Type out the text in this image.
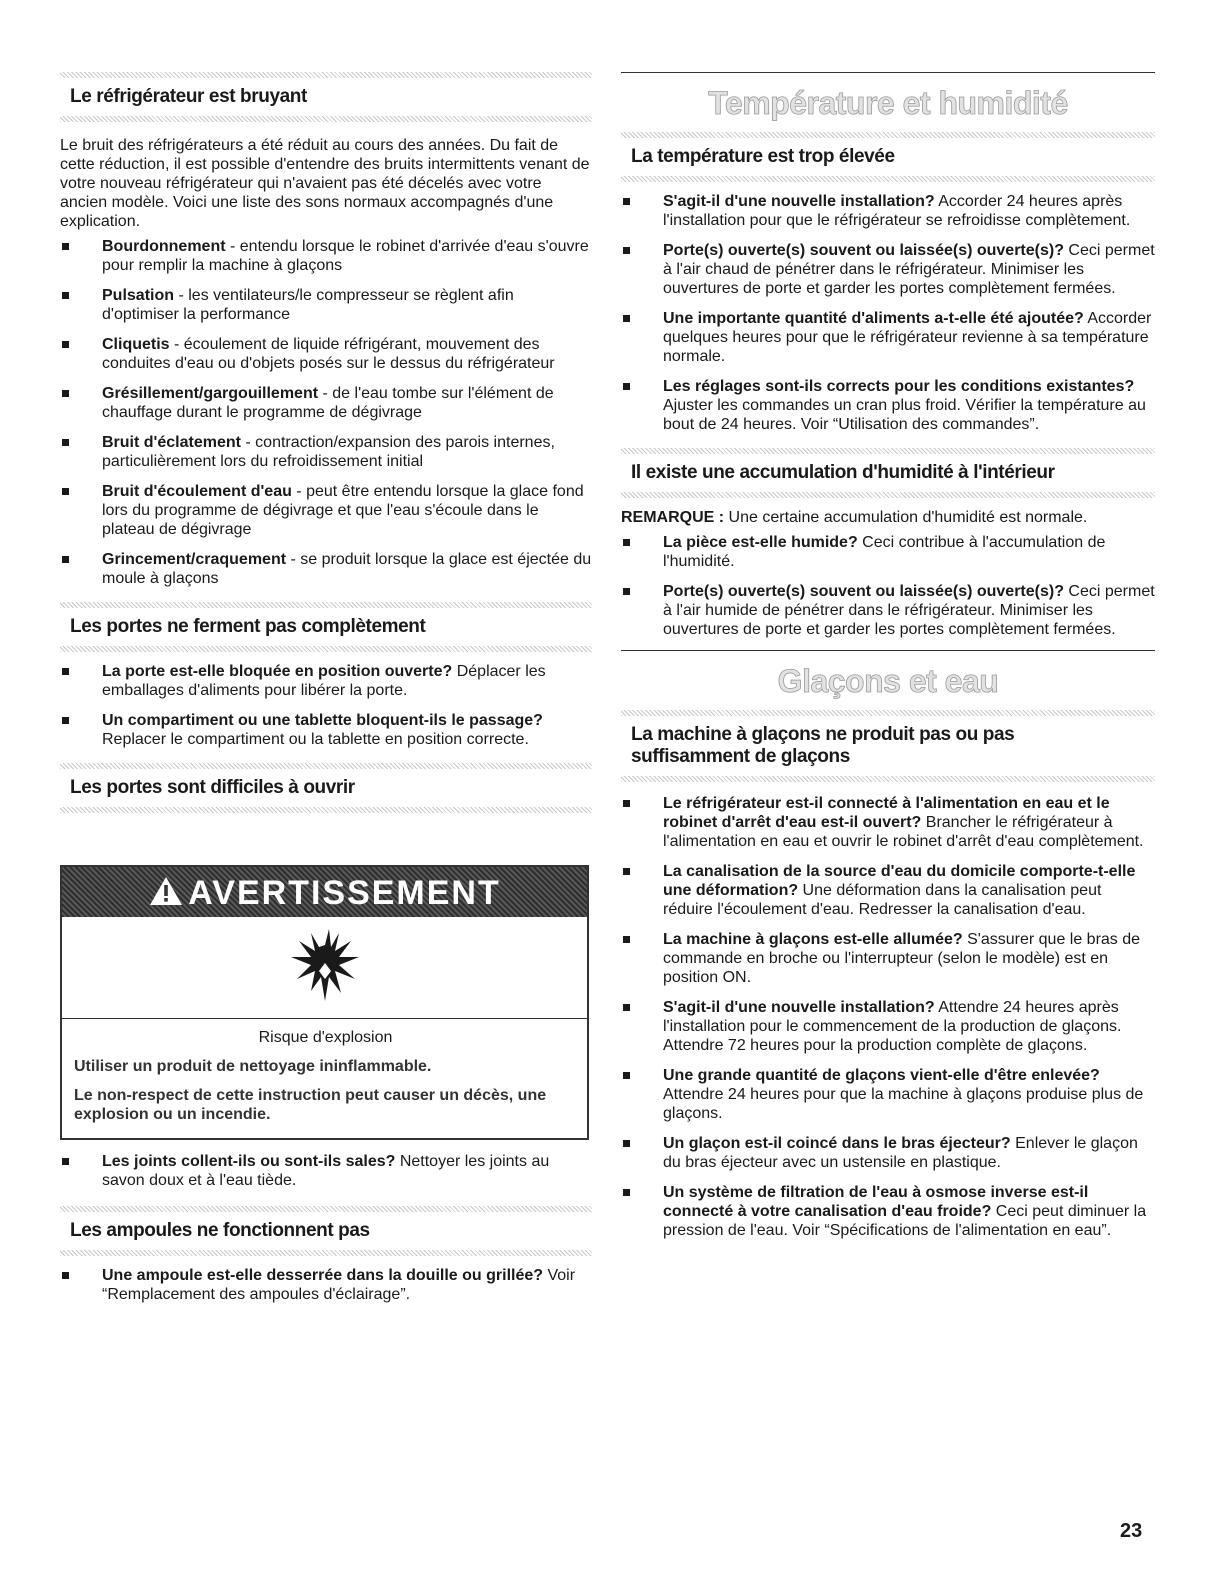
Le réfrigérateur est bruyant

Le bruit des réfrigérateurs a été réduit au cours des années. Du fait de cette réduction, il est possible d'entendre des bruits intermittents venant de votre nouveau réfrigérateur qui n'avaient pas été décelés avec votre ancien modèle. Voici une liste des sons normaux accompagnés d'une explication.

Bourdonnement - entendu lorsque le robinet d'arrivée d'eau s'ouvre pour remplir la machine à glaçons
Pulsation - les ventilateurs/le compresseur se règlent afin d'optimiser la performance
Cliquetis - écoulement de liquide réfrigérant, mouvement des conduites d'eau ou d'objets posés sur le dessus du réfrigérateur
Grésillement/gargouillement - de l'eau tombe sur l'élément de chauffage durant le programme de dégivrage
Bruit d'éclatement - contraction/expansion des parois internes, particulièrement lors du refroidissement initial
Bruit d'écoulement d'eau - peut être entendu lorsque la glace fond lors du programme de dégivrage et que l'eau s'écoule dans le plateau de dégivrage
Grincement/craquement - se produit lorsque la glace est éjectée du moule à glaçons
Les portes ne ferment pas complètement
La porte est-elle bloquée en position ouverte? Déplacer les emballages d'aliments pour libérer la porte.
Un compartiment ou une tablette bloquent-ils le passage? Replacer le compartiment ou la tablette en position correcte.
Les portes sont difficiles à ouvrir
AVERTISSEMENT
Risque d'explosion
Utiliser un produit de nettoyage ininflammable.
Le non-respect de cette instruction peut causer un décès, une explosion ou un incendie.
Les joints collent-ils ou sont-ils sales? Nettoyer les joints au savon doux et à l'eau tiède.
Les ampoules ne fonctionnent pas
Une ampoule est-elle desserrée dans la douille ou grillée? Voir “Remplacement des ampoules d'éclairage”.
Température et humidité
La température est trop élevée
S'agit-il d'une nouvelle installation? Accorder 24 heures après l'installation pour que le réfrigérateur se refroidisse complètement.
Porte(s) ouverte(s) souvent ou laissée(s) ouverte(s)? Ceci permet à l'air chaud de pénétrer dans le réfrigérateur. Minimiser les ouvertures de porte et garder les portes complètement fermées.
Une importante quantité d'aliments a-t-elle été ajoutée? Accorder quelques heures pour que le réfrigérateur revienne à sa température normale.
Les réglages sont-ils corrects pour les conditions existantes? Ajuster les commandes un cran plus froid. Vérifier la température au bout de 24 heures. Voir “Utilisation des commandes”.
Il existe une accumulation d'humidité à l'intérieur

REMARQUE : Une certaine accumulation d'humidité est normale.

La pièce est-elle humide? Ceci contribue à l'accumulation de l'humidité.
Porte(s) ouverte(s) souvent ou laissée(s) ouverte(s)? Ceci permet à l'air humide de pénétrer dans le réfrigérateur. Minimiser les ouvertures de porte et garder les portes complètement fermées.
Glaçons et eau
La machine à glaçons ne produit pas ou pas suffisamment de glaçons
Le réfrigérateur est-il connecté à l'alimentation en eau et le robinet d'arrêt d'eau est-il ouvert? Brancher le réfrigérateur à l'alimentation en eau et ouvrir le robinet d'arrêt d'eau complètement.
La canalisation de la source d'eau du domicile comporte-t-elle une déformation? Une déformation dans la canalisation peut réduire l'écoulement d'eau. Redresser la canalisation d'eau.
La machine à glaçons est-elle allumée? S'assurer que le bras de commande en broche ou l'interrupteur (selon le modèle) est en position ON.
S'agit-il d'une nouvelle installation? Attendre 24 heures après l'installation pour le commencement de la production de glaçons. Attendre 72 heures pour la production complète de glaçons.
Une grande quantité de glaçons vient-elle d'être enlevée? Attendre 24 heures pour que la machine à glaçons produise plus de glaçons.
Un glaçon est-il coincé dans le bras éjecteur? Enlever le glaçon du bras éjecteur avec un ustensile en plastique.
Un système de filtration de l'eau à osmose inverse est-il connecté à votre canalisation d'eau froide? Ceci peut diminuer la pression de l'eau. Voir “Spécifications de l'alimentation en eau”.
23
